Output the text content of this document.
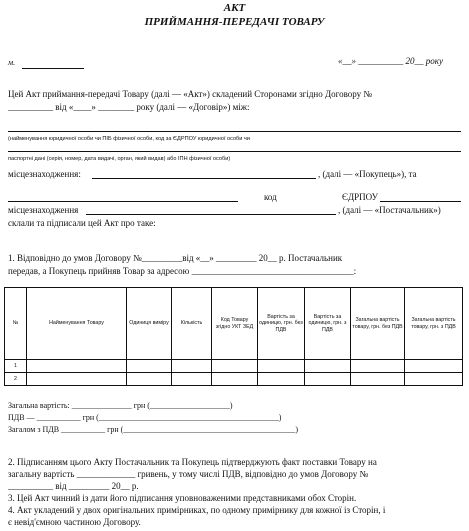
АКТ
ПРИЙМАННЯ-ПЕРЕДАЧІ ТОВАРУ
м.	«__» __________ 20__ року
Цей Акт приймання-передачі Товару (далі — «Акт») складений Сторонами згідно Договору №
__________ від «____» ________ року (далі — «Договір») між:
(найменування юридичної особи чи ПІБ фізичної особи, код за ЄДРПОУ юридичної особи чи
паспортні дані (серія, номер, дата видачі, орган, який видав) або ІПН фізичної особи)
місцезнаходження:	, (далі — «Покупець»), та
код	ЄДРПОУ
місцезнаходження	, (далі — «Постачальник»)
склали та підписали цей Акт про таке:
1. Відповідно до умов Договору №_________від «__» _________ 20__ р. Постачальник
передав, а Покупець прийняв Товар за адресою ____________________________________:
№	Найменування Товару	Одиниця виміру	Кількість	Код Товару згідно УКТ ЗЕД	Вартість за одиницю, грн. без ПДВ	Вартість за одиницю, грн. з ПДВ	Загальна вартість товару, грн. без ПДВ	Загальна вартість товару, грн. з ПДВ
1								
2								
Загальна вартість: _______________ грн (____________________)
ПДВ — ___________ грн (_____________________________________________)
Загалом з ПДВ ___________ грн (___________________________________________)
2. Підписанням цього Акту Постачальник та Покупець підтверджують факт поставки Товару на
загальну вартість _____________ гривень, у тому числі ПДВ, відповідно до умов Договору №
__________ від _________ 20__ р.
3. Цей Акт чинний із дати його підписання уповноваженими представниками обох Сторін.
4. Акт укладений у двох оригінальних примірниках, по одному примірнику для кожної із Сторін, і
є невід'ємною частиною Договору.
